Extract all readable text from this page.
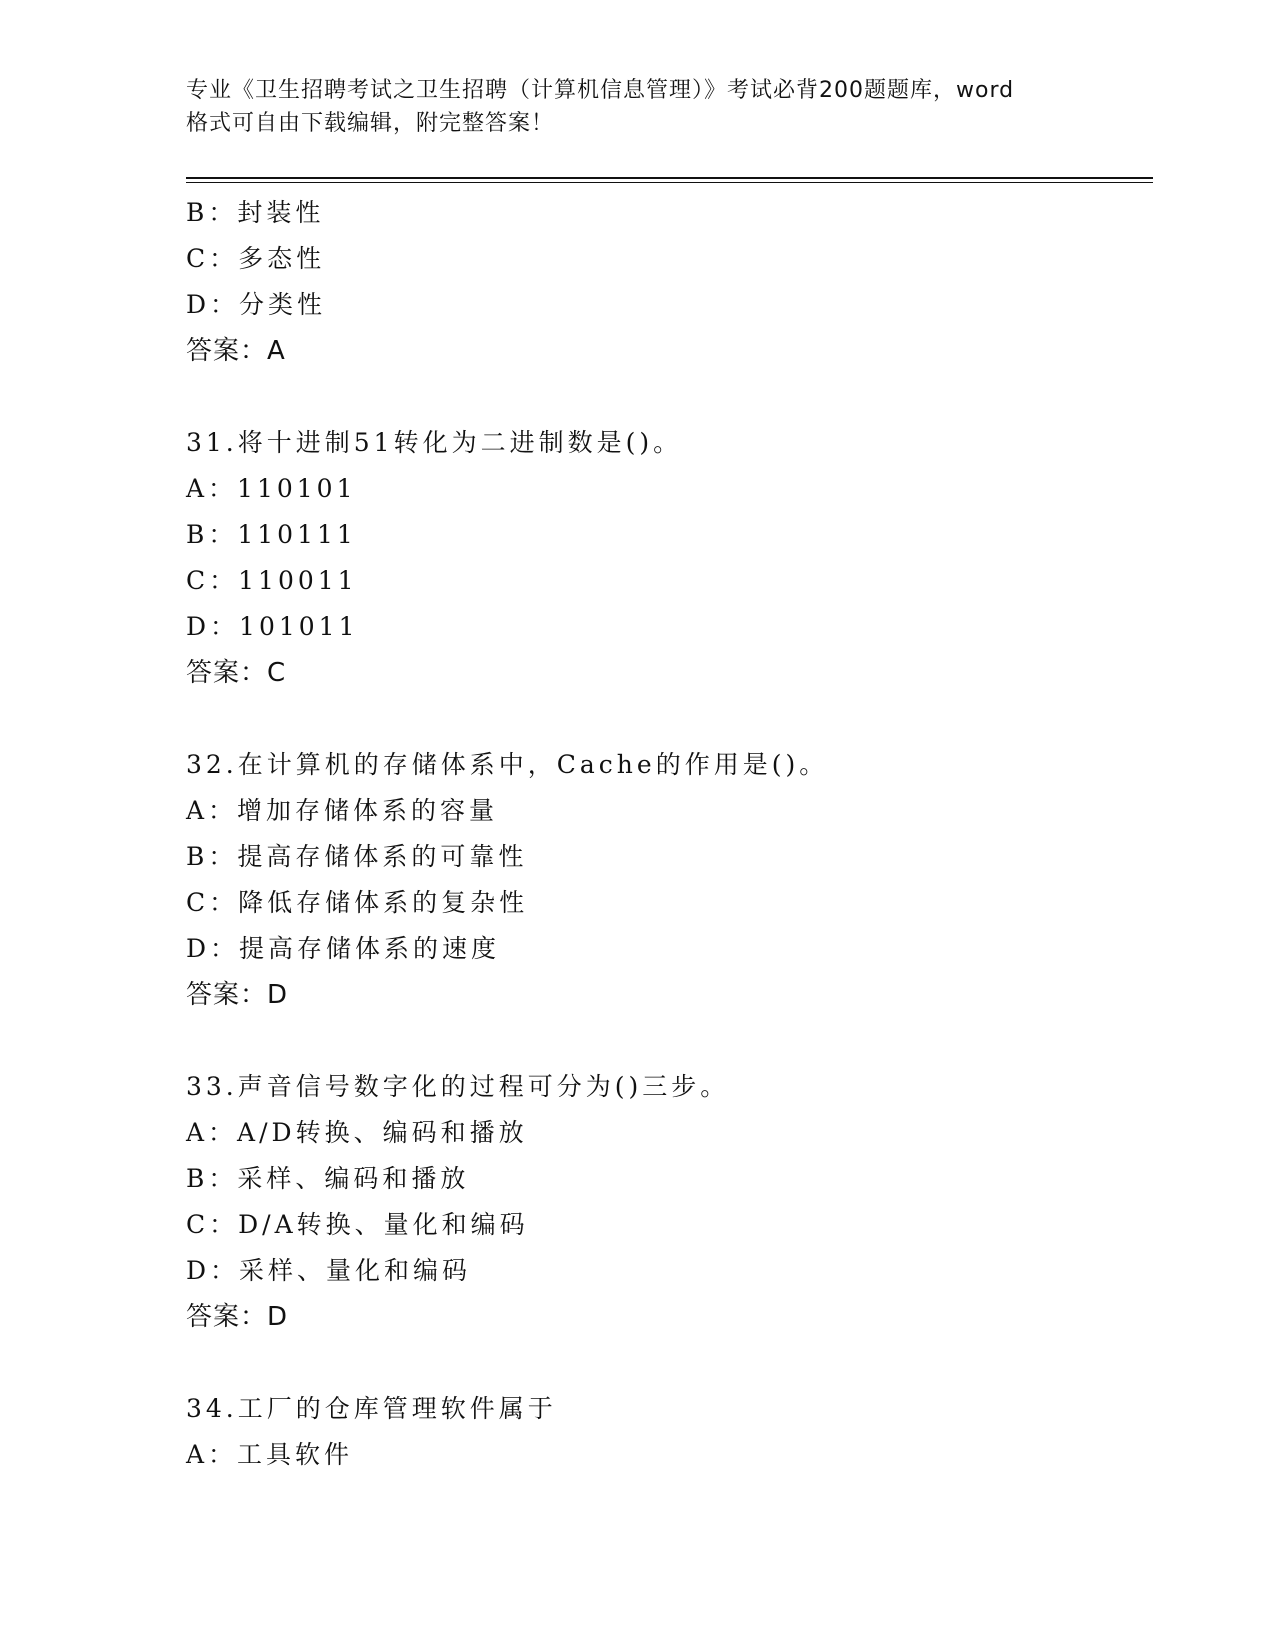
专业《卫生招聘考试之卫生招聘（计算机信息管理）》考试必背200题题库，word
格式可自由下载编辑，附完整答案！
B：封装性
C：多态性
D：分类性
答案：A
31.将十进制51转化为二进制数是()。
A：110101
B：110111
C：110011
D：101011
答案：C
32.在计算机的存储体系中，Cache的作用是()。
A：增加存储体系的容量
B：提高存储体系的可靠性
C：降低存储体系的复杂性
D：提高存储体系的速度
答案：D
33.声音信号数字化的过程可分为()三步。
A：A/D转换、编码和播放
B：采样、编码和播放
C：D/A转换、量化和编码
D：采样、量化和编码
答案：D
34.工厂的仓库管理软件属于
A：工具软件
